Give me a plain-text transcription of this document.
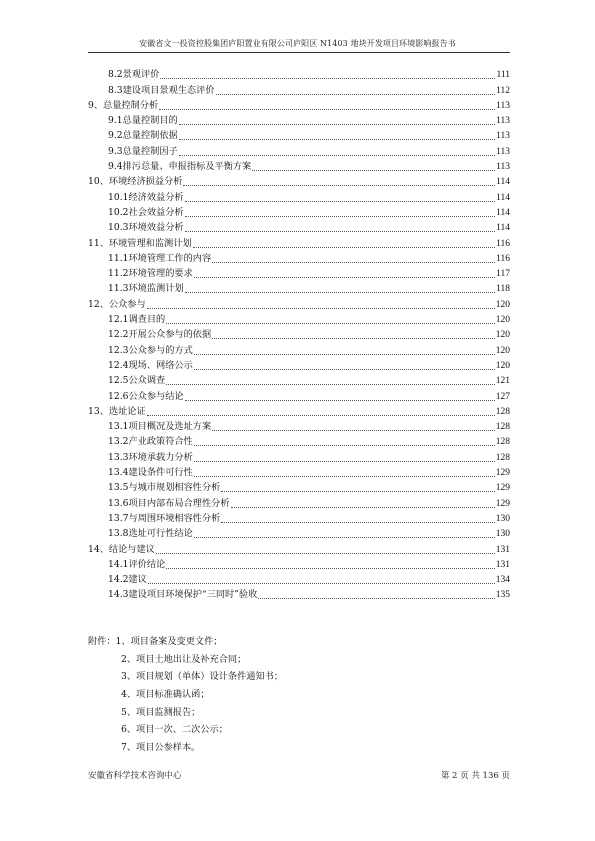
安徽省文一投资控股集团庐阳置业有限公司庐阳区 N1403 地块开发项目环境影响报告书
8.2 景观评价	111
8.3 建设项目景观生态评价	112
9、 总量控制分析	113
9.1 总量控制目的	113
9.2 总量控制依据	113
9.3 总量控制因子	113
9.4 排污总量、申报指标及平衡方案	113
10、 环境经济损益分析	114
10.1 经济效益分析	114
10.2 社会效益分析	114
10.3 环境效益分析	114
11、 环境管理和监测计划	116
11.1 环境管理工作的内容	116
11.2 环境管理的要求	117
11.3 环境监测计划	118
12、 公众参与	120
12.1 调查目的	120
12.2 开展公众参与的依据	120
12.3 公众参与的方式	120
12.4 现场、网络公示	120
12.5 公众调查	121
12.6 公众参与结论	127
13、 选址论证	128
13.1 项目概况及选址方案	128
13.2 产业政策符合性	128
13.3 环境承载力分析	128
13.4 建设条件可行性	129
13.5 与城市规划相容性分析	129
13.6 项目内部布局合理性分析	129
13.7 与周围环境相容性分析	130
13.8 选址可行性结论	130
14、 结论与建议	131
14.1 评价结论	131
14.2 建议	134
14.3 建设项目环境保护“三同时”验收	135
附件：1、项目备案及变更文件；
2、项目土地出让及补充合同；
3、项目规划（单体）设计条件通知书；
4、项目标准确认函；
5、项目监测报告；
6、项目一次、二次公示；
7、项目公参样本。
安徽省科学技术咨询中心	第 2 页 共 136 页
